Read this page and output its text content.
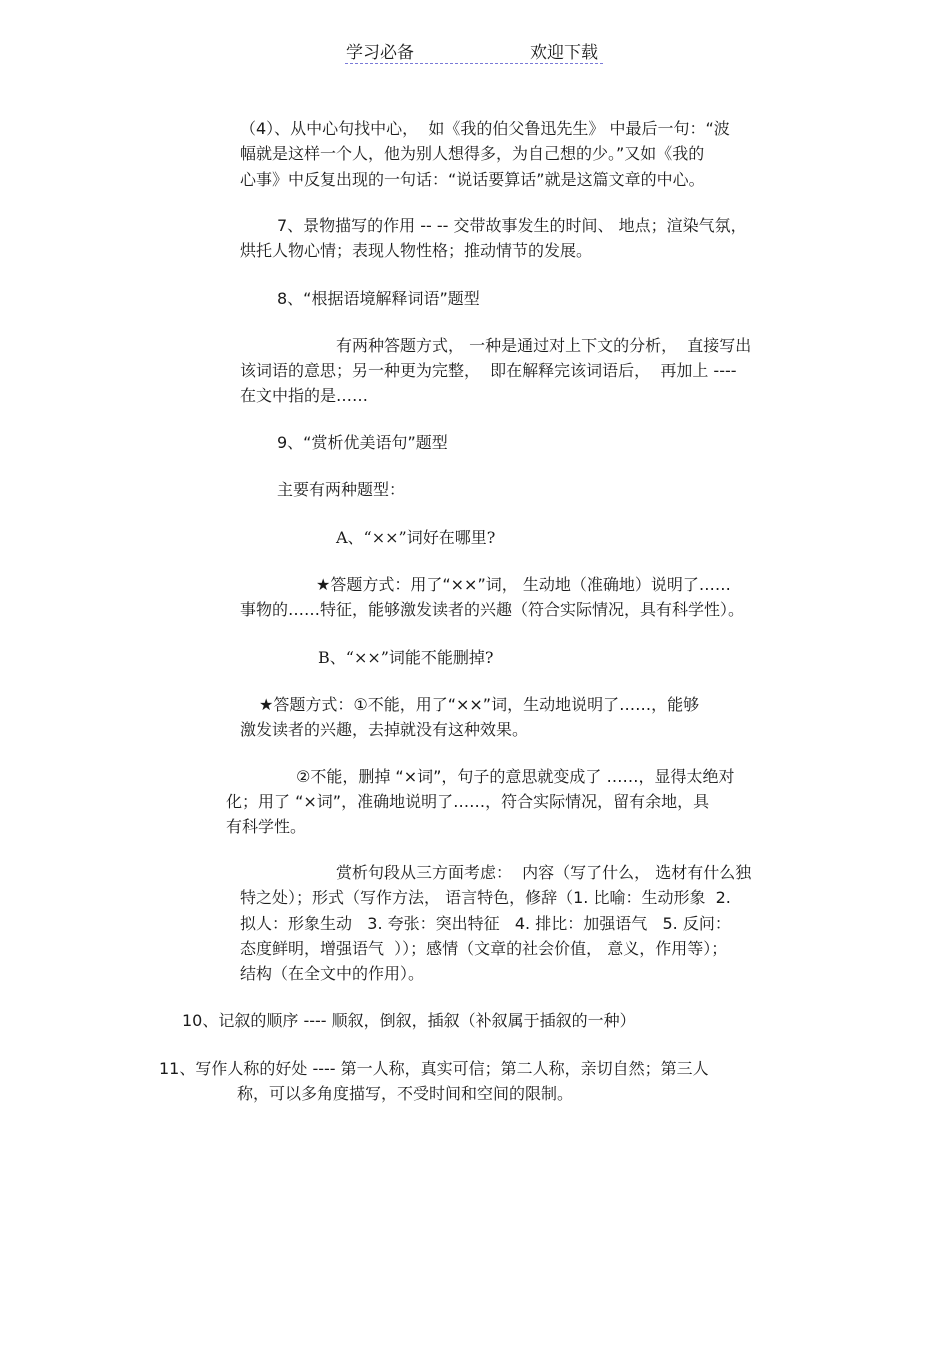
学习必备	欢迎下载
（4）、从中心句找中心，  如《我的伯父鲁迅先生》 中最后一句：“波
幅就是这样一个人，他为别人想得多，为自己想的少。”又如《我的
心事》中反复出现的一句话：“说话要算话”就是这篇文章的中心。
7、景物描写的作用 -- -- 交带故事发生的时间、 地点；渲染气氛，
烘托人物心情；表现人物性格；推动情节的发展。
8、“根据语境解释词语”题型
有两种答题方式， 一种是通过对上下文的分析，  直接写出
该词语的意思；另一种更为完整，  即在解释完该词语后，  再加上 ----
在文中指的是……
9、“赏析优美语句”题型
主要有两种题型：
A、“××”词好在哪里?
★答题方式：用了“××”词， 生动地（准确地）说明了……
事物的……特征，能够激发读者的兴趣（符合实际情况，具有科学性）。
B、“××”词能不能删掉?
★答题方式：①不能，用了“××”词，生动地说明了……，能够
激发读者的兴趣，去掉就没有这种效果。
②不能，删掉 “×词”，句子的意思就变成了 ……，显得太绝对
化；用了 “×词”，准确地说明了……，符合实际情况，留有余地，具
有科学性。
赏析句段从三方面考虑：  内容（写了什么， 选材有什么独
特之处）；形式（写作方法， 语言特色，修辞（1. 比喻：生动形象  2.
拟人：形象生动   3. 夸张：突出特征   4. 排比：加强语气   5. 反问：
态度鲜明，增强语气  ））；感情（文章的社会价值， 意义，作用等）；
结构（在全文中的作用）。
10、记叙的顺序 ---- 顺叙，倒叙，插叙（补叙属于插叙的一种）
11、写作人称的好处 ---- 第一人称，真实可信；第二人称，亲切自然；第三人
称，可以多角度描写，不受时间和空间的限制。
